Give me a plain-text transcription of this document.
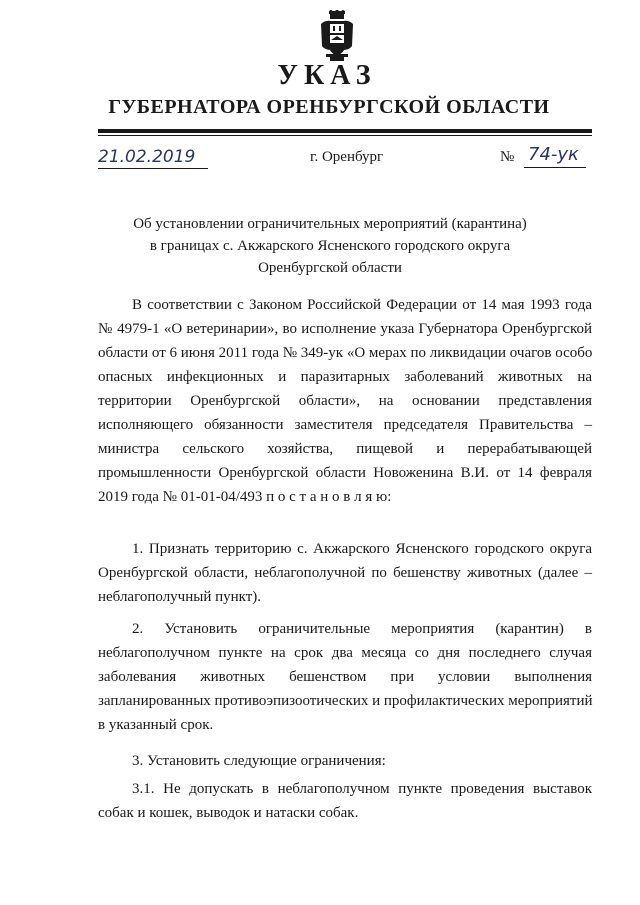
УКАЗ
ГУБЕРНАТОРА ОРЕНБУРГСКОЙ ОБЛАСТИ
21.02.2019	г. Оренбург	№ 74-ук
Об установлении ограничительных мероприятий (карантина)
в границах с. Акжарского Ясненского городского округа
Оренбургской области
В соответствии с Законом Российской Федерации от 14 мая 1993 года
№ 4979-1 «О ветеринарии», во исполнение указа Губернатора Оренбургской
области от 6 июня 2011 года № 349-ук «О мерах по ликвидации очагов особо
опасных инфекционных и паразитарных заболеваний животных на
территории Оренбургской области», на основании представления
исполняющего обязанности заместителя председателя Правительства –
министра сельского хозяйства, пищевой и перерабатывающей
промышленности Оренбургской области Новоженина В.И. от 14 февраля
2019 года № 01-01-04/493 п о с т а н о в л я ю:
1. Признать территорию с. Акжарского Ясненского городского округа
Оренбургской области, неблагополучной по бешенству животных (далее –
неблагополучный пункт).
2. Установить ограничительные мероприятия (карантин) в
неблагополучном пункте на срок два месяца со дня последнего случая
заболевания животных бешенством при условии выполнения
запланированных противоэпизоотических и профилактических мероприятий
в указанный срок.
3. Установить следующие ограничения:
3.1. Не допускать в неблагополучном пункте проведения выставок
собак и кошек, выводок и натаски собак.
